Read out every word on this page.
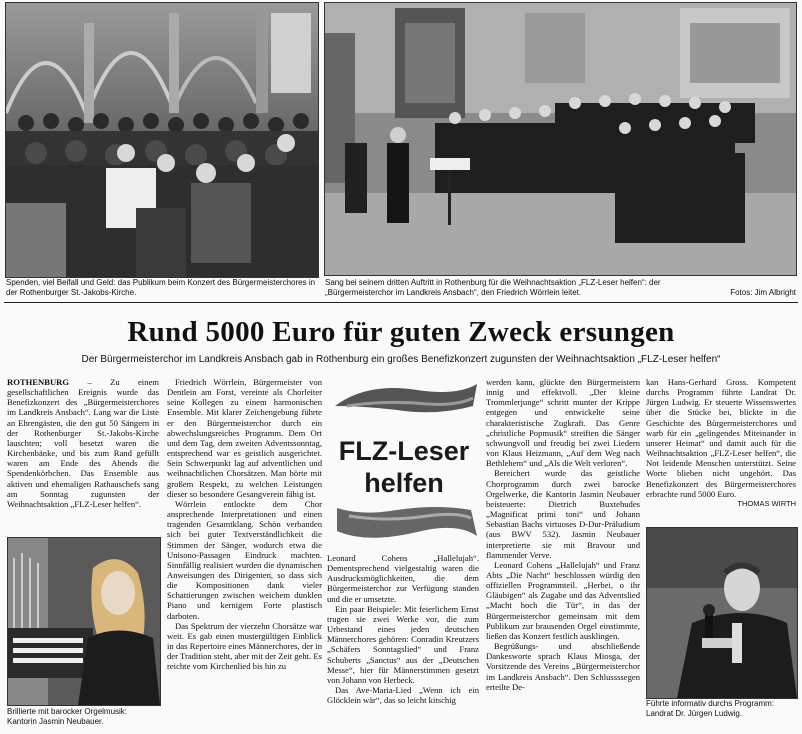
Spenden, viel Beifall und Geld: das Publikum beim Konzert des Bürgermeisterchores in der Rothenburger St.-Jakobs-Kirche.
Sang bei seinem dritten Auftritt in Rothenburg für die Weihnachtsaktion „FLZ-Leser helfen“: der „Bürgermeisterchor im Landkreis Ansbach“, den Friedrich Wörrlein leitet.	Fotos: Jim Albright
Rund 5000 Euro für guten Zweck ersungen
Der Bürgermeisterchor im Landkreis Ansbach gab in Rothenburg ein großes Benefizkonzert zugunsten der Weihnachtsaktion „FLZ-Leser helfen“

ROTHENBURG – Zu einem gesellschaftlichen Ereignis wurde das Benefizkonzert des „Bürgermeisterchores im Landkreis Ansbach“. Lang war die Liste an Ehrengästen, die den gut 50 Sängern in der Rothenburger St.-Jakobs-Kirche lauschten; voll besetzt waren die Kirchenbänke, und bis zum Rand gefüllt waren am Ende des Abends die Spendenkörbchen. Das Ensemble aus aktiven und ehemaligen Rathauschefs sang am Sonntag zugunsten der Weihnachtsaktion „FLZ-Leser helfen“.

Brillierte mit barocker Orgelmusik: Kantorin Jasmin Neubauer.

Friedrich Wörrlein, Bürgermeister von Dentlein am Forst, vereinte als Chorleiter seine Kollegen zu einem harmonischen Ensemble. Mit klarer Zeichengebung führte er den Bürgermeisterchor durch ein abwechslungsreiches Programm. Dem Ort und dem Tag, dem zweiten Adventssonntag, entsprechend war es geistlich ausgerichtet. Sein Schwerpunkt lag auf adventlichen und weihnachtlichen Chorsätzen. Man hörte mit großem Respekt, zu welchen Leistungen dieser so besondere Gesangverein fähig ist.

Wörrlein entlockte dem Chor ansprechende Interpretationen und einen tragenden Gesamtklang. Schön verbanden sich bei guter Textverständlichkeit die Stimmen der Sänger, wodurch etwa die Unisono-Passagen Eindruck machten. Sinnfällig realisiert wurden die dynamischen Anweisungen des Dirigenten, so dass sich die Kompositionen dank vieler Schattierungen zwischen weichem dunklen Piano und kernigem Forte plastisch darboten.

Das Spektrum der vierzehn Chorsätze war weit. Es gab einen mustergültigen Einblick in das Repertoire eines Männerchores, der in der Tradition steht, aber mit der Zeit geht. Es reichte vom Kirchenlied bis hin zu

FLZ-Leser
helfen

Leonard Cohens „Hallelujah“. Dementsprechend vielgestaltig waren die Ausdrucksmöglichkeiten, die dem Bürgermeisterchor zur Verfügung standen und die er umsetzte.

Ein paar Beispiele: Mit feierlichem Ernst trugen sie zwei Werke vor, die zum Urbestand eines jeden deutschen Männerchores gehören: Conradin Kreutzers „Schäfers Sonntagslied“ und Franz Schuberts „Sanctus“ aus der „Deutschen Messe“, hier für Männerstimmen gesetzt von Johann von Herbeck.

Das Ave-Maria-Lied „Wenn ich ein Glöcklein wär“, das so leicht kitschig

werden kann, glückte den Bürgermeistern innig und effektvoll. „Der kleine Trommlerjunge“ schritt munter der Krippe entgegen und entwickelte seine charakteristische Zugkraft. Das Genre „christliche Popmusik“ streiften die Sänger schwungvoll und freudig bei zwei Liedern von Klaus Heizmann, „Auf dem Weg nach Bethlehem“ und „Als die Welt verloren“.

Bereichert wurde das geistliche Chorprogramm durch zwei barocke Orgelwerke, die Kantorin Jasmin Neubauer beisteuerte: Dietrich Buxtehudes „Magnificat primi toni“ und Johann Sebastian Bachs virtuoses D-Dur-Präludium (aus BWV 532). Jasmin Neubauer interpretierte sie mit Bravour und flammender Verve.

Leonard Cohens „Hallelujah“ und Franz Abts „Die Nacht“ beschlossen würdig den offiziellen Programmteil. „Herbei, o ihr Gläubigen“ als Zugabe und das Adventslied „Macht hoch die Tür“, in das der Bürgermeisterchor gemeinsam mit dem Publikum zur brausenden Orgel einstimmte, ließen das Konzert festlich ausklingen.

Begrüßungs- und abschließende Dankesworte sprach Klaus Miosga, der Vorsitzende des Vereins „Bürgermeisterchor im Landkreis Ansbach“. Den Schlussssegen erteilte De-

kan Hans-Gerhard Gross. Kompetent durchs Programm führte Landrat Dr. Jürgen Ludwig. Er steuerte Wissenswertes über die Stücke bei, blickte in die Geschichte des Bürgermeisterchores und warb für ein „gelingendes Miteinander in unserer Heimat“ und damit auch für die Weihnachtsaktion „FLZ-Leser helfen“, die Not leidende Menschen unterstützt. Seine Worte blieben nicht ungehört. Das Benefizkonzert des Bürgermeisterchores erbrachte rund 5000 Euro.

THOMAS WIRTH
Führte informativ durchs Programm: Landrat Dr. Jürgen Ludwig.
